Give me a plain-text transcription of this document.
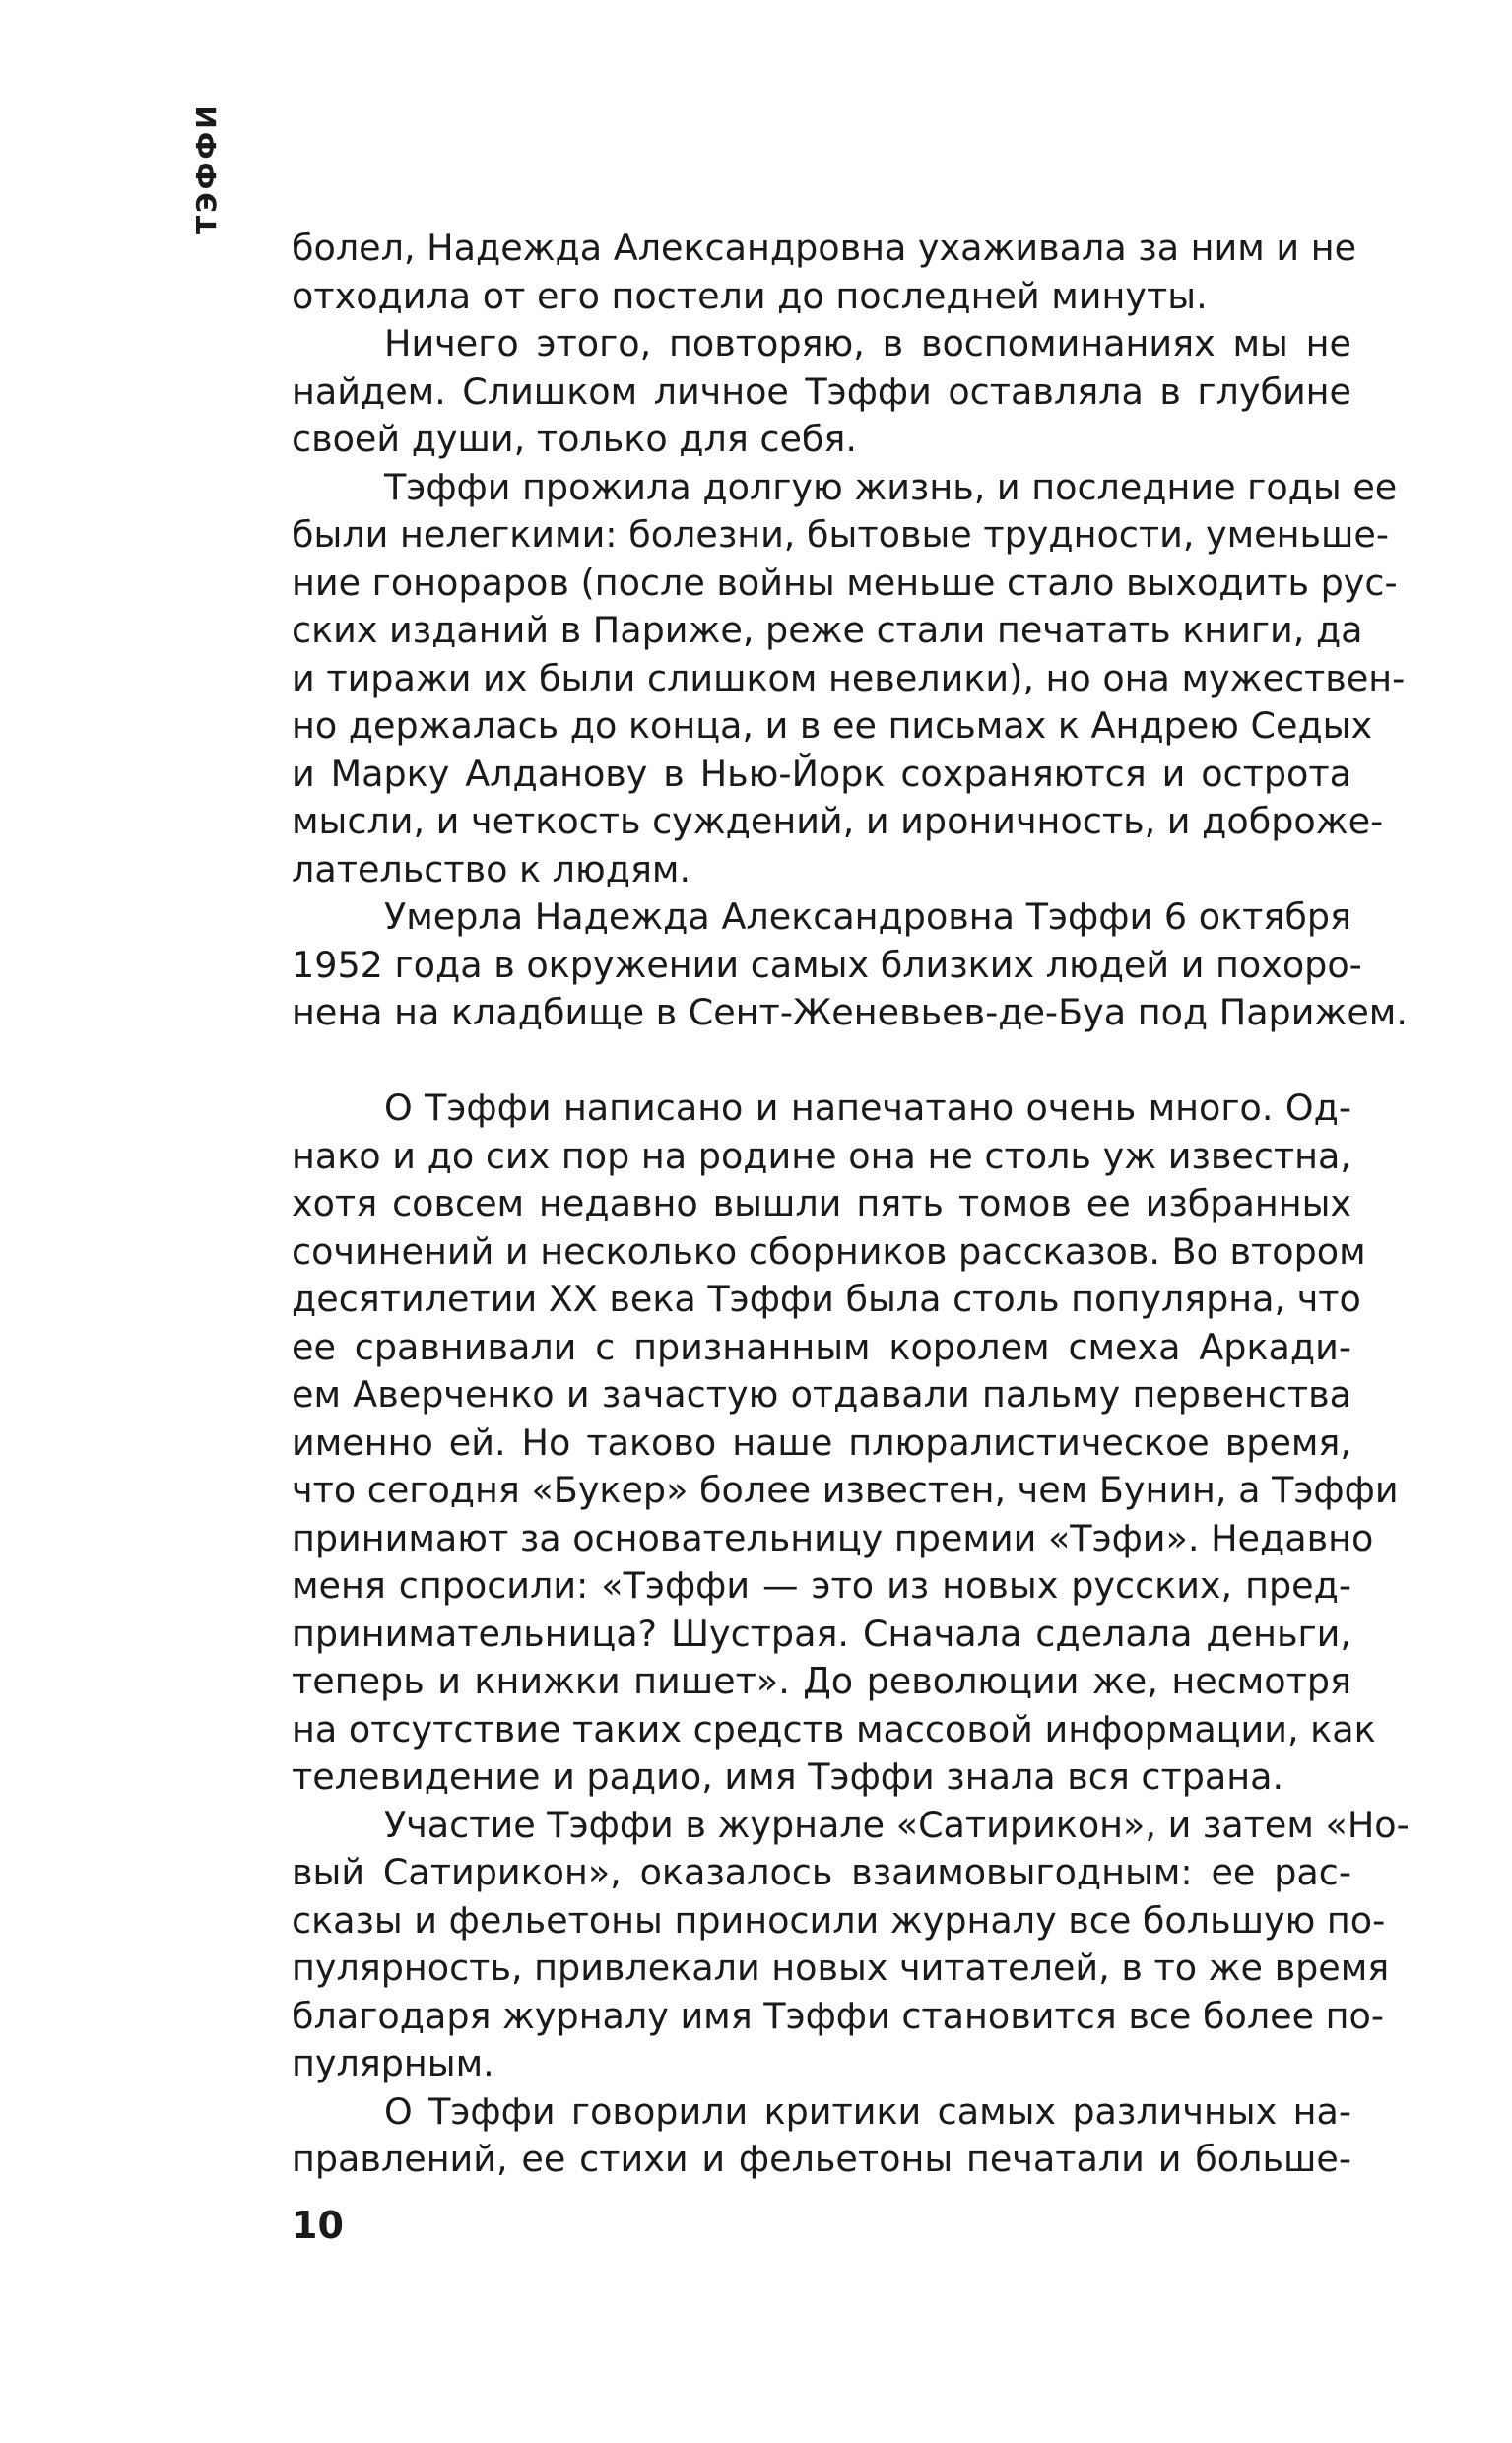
ТЭФФИ
болел, Надежда Александровна ухаживала за ним и не
отходила от его постели до последней минуты.
Ничего этого, повторяю, в воспоминаниях мы не
найдем. Слишком личное Тэффи оставляла в глубине
своей души, только для себя.
Тэффи прожила долгую жизнь, и последние годы ее
были нелегкими: болезни, бытовые трудности, уменьше-
ние гонораров (после войны меньше стало выходить рус-
ских изданий в Париже, реже стали печатать книги, да
и тиражи их были слишком невелики), но она мужествен-
но держалась до конца, и в ее письмах к Андрею Седых
и Марку Алданову в Нью-Йорк сохраняются и острота
мысли, и четкость суждений, и ироничность, и доброже-
лательство к людям.
Умерла Надежда Александровна Тэффи 6 октября
1952 года в окружении самых близких людей и похоро-
нена на кладбище в Сент-Женевьев-де-Буа под Парижем.
О Тэффи написано и напечатано очень много. Од-
нако и до сих пор на родине она не столь уж известна,
хотя совсем недавно вышли пять томов ее избранных
сочинений и несколько сборников рассказов. Во втором
десятилетии XX века Тэффи была столь популярна, что
ее сравнивали с признанным королем смеха Аркади-
ем Аверченко и зачастую отдавали пальму первенства
именно ей. Но таково наше плюралистическое время,
что сегодня «Букер» более известен, чем Бунин, а Тэффи
принимают за основательницу премии «Тэфи». Недавно
меня спросили: «Тэффи — это из новых русских, пред-
принимательница? Шустрая. Сначала сделала деньги,
теперь и книжки пишет». До революции же, несмотря
на отсутствие таких средств массовой информации, как
телевидение и радио, имя Тэффи знала вся страна.
Участие Тэффи в журнале «Сатирикон», и затем «Но-
вый Сатирикон», оказалось взаимовыгодным: ее рас-
сказы и фельетоны приносили журналу все большую по-
пулярность, привлекали новых читателей, в то же время
благодаря журналу имя Тэффи становится все более по-
пулярным.
О Тэффи говорили критики самых различных на-
правлений, ее стихи и фельетоны печатали и больше-
10
